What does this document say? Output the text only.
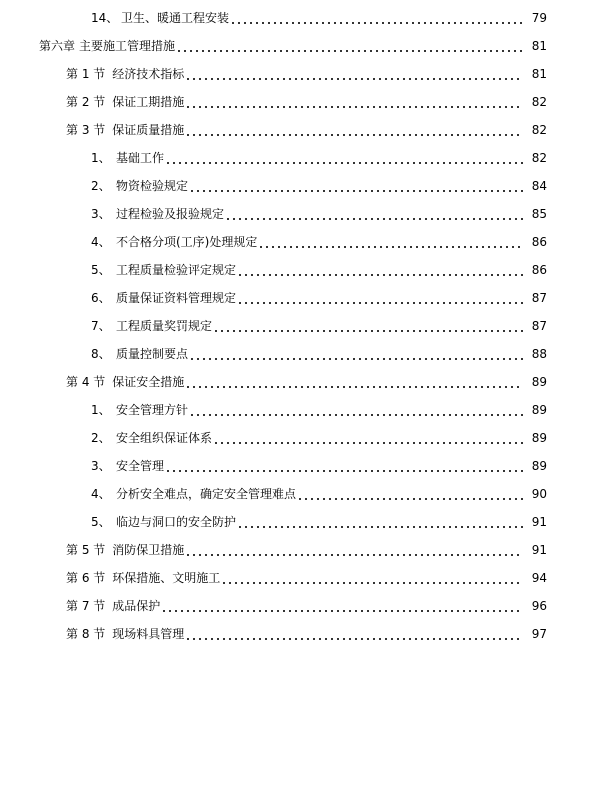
14、 卫生、暖通工程安装	79
第六章 主要施工管理措施	81
第 1 节 经济技术指标	81
第 2 节 保证工期措施	82
第 3 节 保证质量措施	82
1、 基础工作	82
2、 物资检验规定	84
3、 过程检验及报验规定	85
4、 不合格分项(工序)处理规定	86
5、 工程质量检验评定规定	86
6、 质量保证资料管理规定	87
7、 工程质量奖罚规定	87
8、 质量控制要点	88
第 4 节 保证安全措施	89
1、 安全管理方针	89
2、 安全组织保证体系	89
3、 安全管理	89
4、 分析安全难点，确定安全管理难点	90
5、 临边与洞口的安全防护	91
第 5 节 消防保卫措施	91
第 6 节 环保措施、文明施工	94
第 7 节 成品保护	96
第 8 节 现场料具管理	97
